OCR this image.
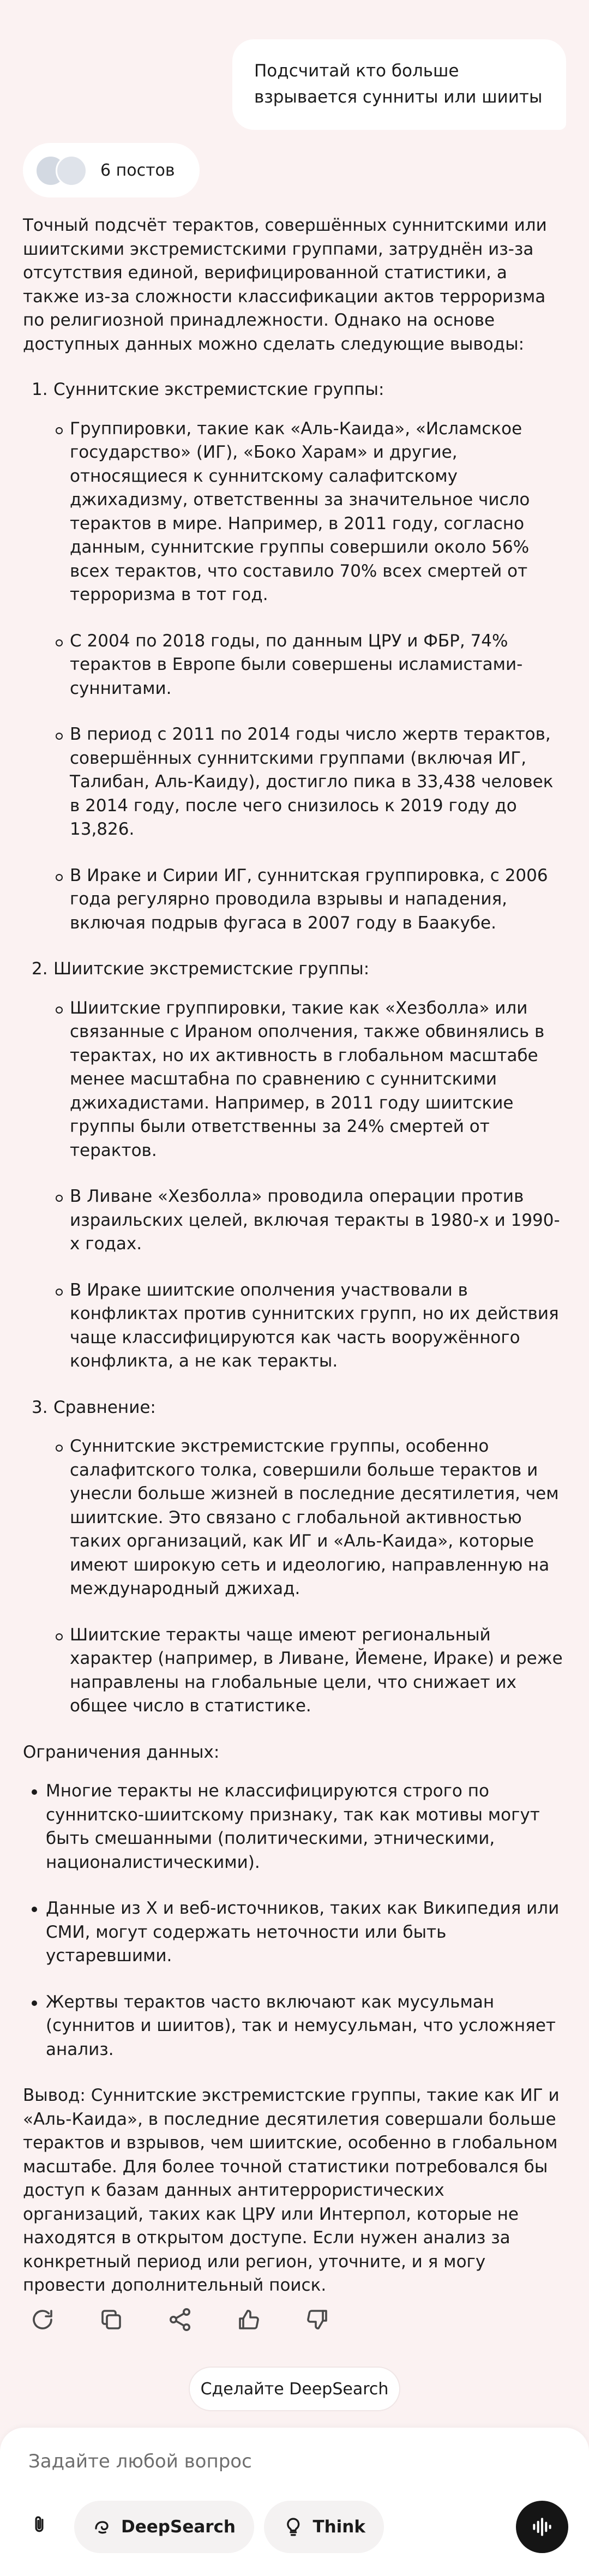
Подсчитай кто больше взрывается сунниты или шииты
6 постов

Точный подсчёт терактов, совершённых суннитскими или шиитскими экстремистскими группами, затруднён из-за отсутствия единой, верифицированной статистики, а также из-за сложности классификации актов терроризма по религиозной принадлежности. Однако на основе доступных данных можно сделать следующие выводы:

1. Суннитские экстремистские группы:
Группировки, такие как «Аль-Каида», «Исламское государство» (ИГ), «Боко Харам» и другие, относящиеся к суннитскому салафитскому джихадизму, ответственны за значительное число терактов в мире. Например, в 2011 году, согласно данным, суннитские группы совершили около 56% всех терактов, что составило 70% всех смертей от терроризма в тот год.
С 2004 по 2018 годы, по данным ЦРУ и ФБР, 74% терактов в Европе были совершены исламистами-суннитами.
В период с 2011 по 2014 годы число жертв терактов, совершённых суннитскими группами (включая ИГ, Талибан, Аль-Каиду), достигло пика в 33,438 человек в 2014 году, после чего снизилось к 2019 году до 13,826.
В Ираке и Сирии ИГ, суннитская группировка, с 2006 года регулярно проводила взрывы и нападения, включая подрыв фугаса в 2007 году в Баакубе.
2. Шиитские экстремистские группы:
Шиитские группировки, такие как «Хезболла» или связанные с Ираном ополчения, также обвинялись в терактах, но их активность в глобальном масштабе менее масштабна по сравнению с суннитскими джихадистами. Например, в 2011 году шиитские группы были ответственны за 24% смертей от терактов.
В Ливане «Хезболла» проводила операции против израильских целей, включая теракты в 1980-х и 1990-х годах.
В Ираке шиитские ополчения участвовали в конфликтах против суннитских групп, но их действия чаще классифицируются как часть вооружённого конфликта, а не как теракты.
3. Сравнение:
Суннитские экстремистские группы, особенно салафитского толка, совершили больше терактов и унесли больше жизней в последние десятилетия, чем шиитские. Это связано с глобальной активностью таких организаций, как ИГ и «Аль-Каида», которые имеют широкую сеть и идеологию, направленную на международный джихад.
Шиитские теракты чаще имеют региональный характер (например, в Ливане, Йемене, Ираке) и реже направлены на глобальные цели, что снижает их общее число в статистике.
Ограничения данных:
Многие теракты не классифицируются строго по суннитско-шиитскому признаку, так как мотивы могут быть смешанными (политическими, этническими, националистическими).
Данные из X и веб-источников, таких как Википедия или СМИ, могут содержать неточности или быть устаревшими.
Жертвы терактов часто включают как мусульман (суннитов и шиитов), так и немусульман, что усложняет анализ.

Вывод: Суннитские экстремистские группы, такие как ИГ и «Аль-Каида», в последние десятилетия совершали больше терактов и взрывов, чем шиитские, особенно в глобальном масштабе. Для более точной статистики потребовался бы доступ к базам данных антитеррористических организаций, таких как ЦРУ или Интерпол, которые не находятся в открытом доступе. Если нужен анализ за конкретный период или регион, уточните, и я могу провести дополнительный поиск.

Сделайте DeepSearch
Задайте любой вопрос
DeepSearch	Think
